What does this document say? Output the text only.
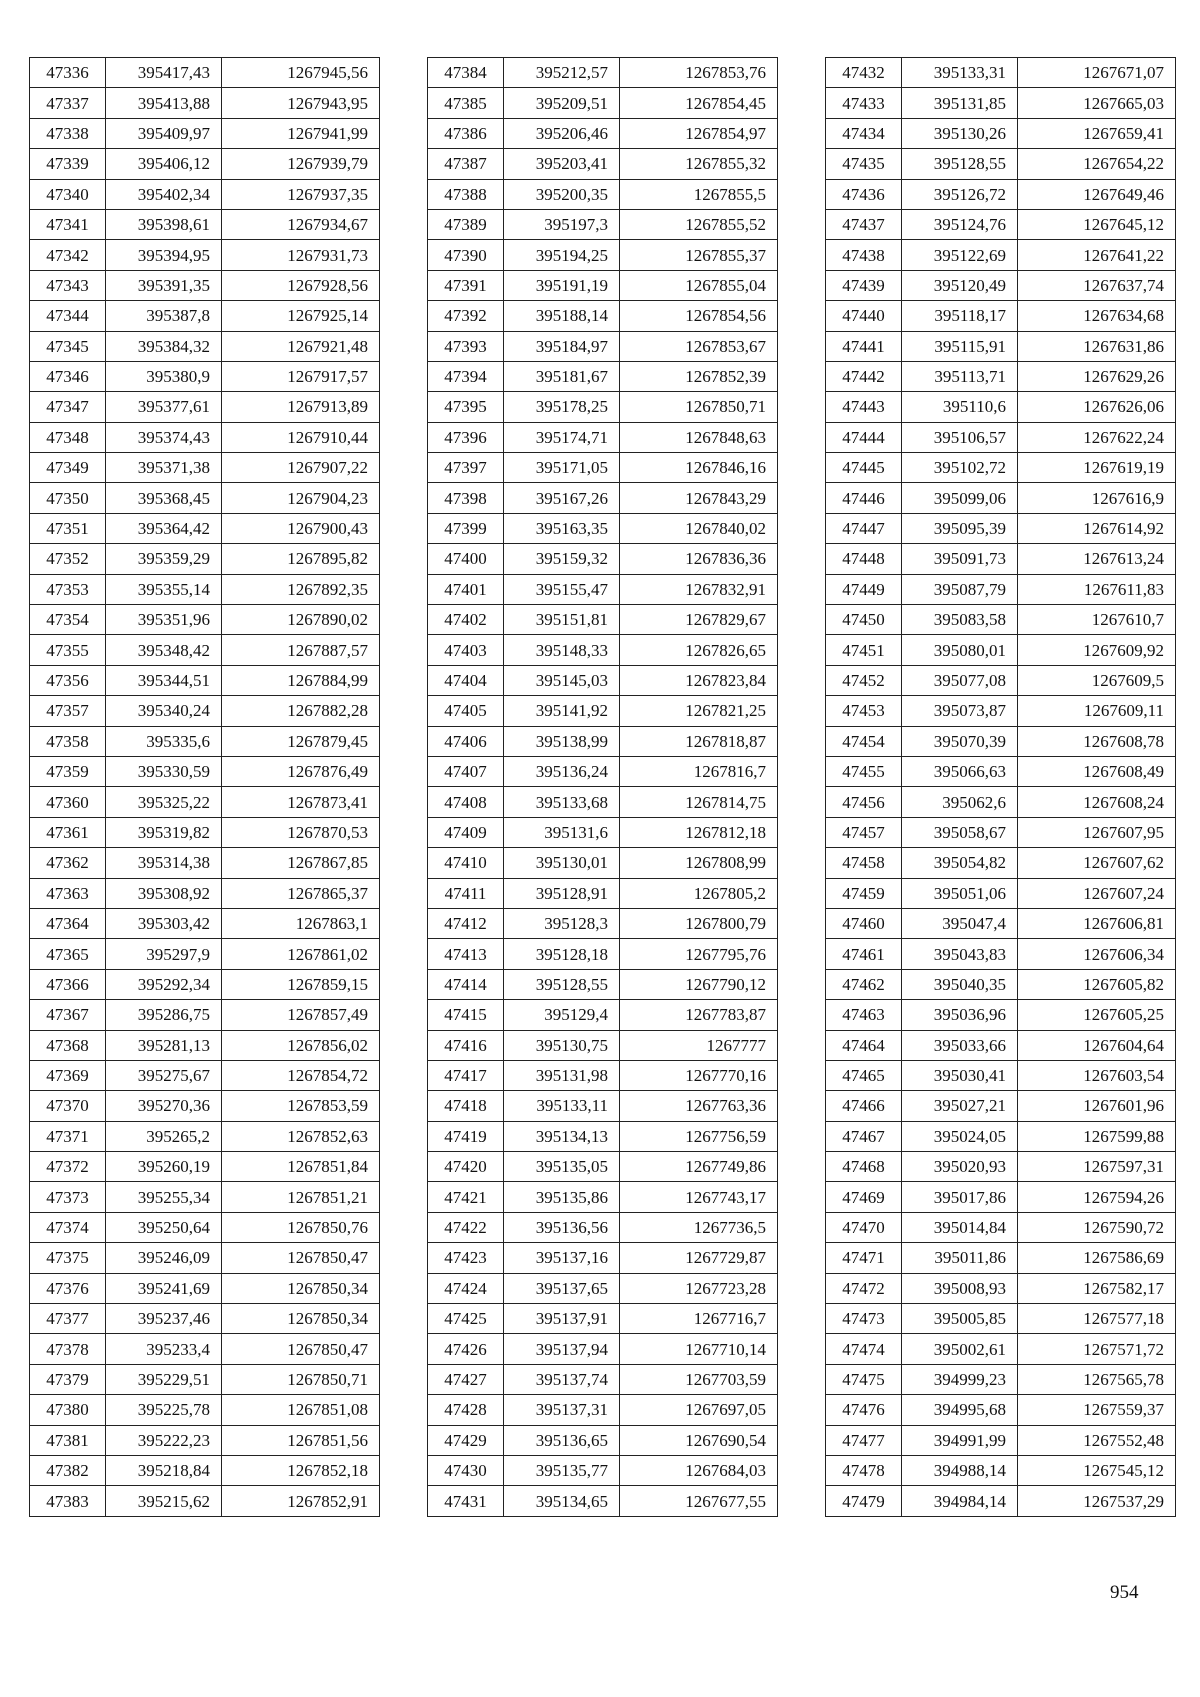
47336	395417,43	1267945,56
47337	395413,88	1267943,95
47338	395409,97	1267941,99
47339	395406,12	1267939,79
47340	395402,34	1267937,35
47341	395398,61	1267934,67
47342	395394,95	1267931,73
47343	395391,35	1267928,56
47344	395387,8	1267925,14
47345	395384,32	1267921,48
47346	395380,9	1267917,57
47347	395377,61	1267913,89
47348	395374,43	1267910,44
47349	395371,38	1267907,22
47350	395368,45	1267904,23
47351	395364,42	1267900,43
47352	395359,29	1267895,82
47353	395355,14	1267892,35
47354	395351,96	1267890,02
47355	395348,42	1267887,57
47356	395344,51	1267884,99
47357	395340,24	1267882,28
47358	395335,6	1267879,45
47359	395330,59	1267876,49
47360	395325,22	1267873,41
47361	395319,82	1267870,53
47362	395314,38	1267867,85
47363	395308,92	1267865,37
47364	395303,42	1267863,1
47365	395297,9	1267861,02
47366	395292,34	1267859,15
47367	395286,75	1267857,49
47368	395281,13	1267856,02
47369	395275,67	1267854,72
47370	395270,36	1267853,59
47371	395265,2	1267852,63
47372	395260,19	1267851,84
47373	395255,34	1267851,21
47374	395250,64	1267850,76
47375	395246,09	1267850,47
47376	395241,69	1267850,34
47377	395237,46	1267850,34
47378	395233,4	1267850,47
47379	395229,51	1267850,71
47380	395225,78	1267851,08
47381	395222,23	1267851,56
47382	395218,84	1267852,18
47383	395215,62	1267852,91
47384	395212,57	1267853,76
47385	395209,51	1267854,45
47386	395206,46	1267854,97
47387	395203,41	1267855,32
47388	395200,35	1267855,5
47389	395197,3	1267855,52
47390	395194,25	1267855,37
47391	395191,19	1267855,04
47392	395188,14	1267854,56
47393	395184,97	1267853,67
47394	395181,67	1267852,39
47395	395178,25	1267850,71
47396	395174,71	1267848,63
47397	395171,05	1267846,16
47398	395167,26	1267843,29
47399	395163,35	1267840,02
47400	395159,32	1267836,36
47401	395155,47	1267832,91
47402	395151,81	1267829,67
47403	395148,33	1267826,65
47404	395145,03	1267823,84
47405	395141,92	1267821,25
47406	395138,99	1267818,87
47407	395136,24	1267816,7
47408	395133,68	1267814,75
47409	395131,6	1267812,18
47410	395130,01	1267808,99
47411	395128,91	1267805,2
47412	395128,3	1267800,79
47413	395128,18	1267795,76
47414	395128,55	1267790,12
47415	395129,4	1267783,87
47416	395130,75	1267777
47417	395131,98	1267770,16
47418	395133,11	1267763,36
47419	395134,13	1267756,59
47420	395135,05	1267749,86
47421	395135,86	1267743,17
47422	395136,56	1267736,5
47423	395137,16	1267729,87
47424	395137,65	1267723,28
47425	395137,91	1267716,7
47426	395137,94	1267710,14
47427	395137,74	1267703,59
47428	395137,31	1267697,05
47429	395136,65	1267690,54
47430	395135,77	1267684,03
47431	395134,65	1267677,55
47432	395133,31	1267671,07
47433	395131,85	1267665,03
47434	395130,26	1267659,41
47435	395128,55	1267654,22
47436	395126,72	1267649,46
47437	395124,76	1267645,12
47438	395122,69	1267641,22
47439	395120,49	1267637,74
47440	395118,17	1267634,68
47441	395115,91	1267631,86
47442	395113,71	1267629,26
47443	395110,6	1267626,06
47444	395106,57	1267622,24
47445	395102,72	1267619,19
47446	395099,06	1267616,9
47447	395095,39	1267614,92
47448	395091,73	1267613,24
47449	395087,79	1267611,83
47450	395083,58	1267610,7
47451	395080,01	1267609,92
47452	395077,08	1267609,5
47453	395073,87	1267609,11
47454	395070,39	1267608,78
47455	395066,63	1267608,49
47456	395062,6	1267608,24
47457	395058,67	1267607,95
47458	395054,82	1267607,62
47459	395051,06	1267607,24
47460	395047,4	1267606,81
47461	395043,83	1267606,34
47462	395040,35	1267605,82
47463	395036,96	1267605,25
47464	395033,66	1267604,64
47465	395030,41	1267603,54
47466	395027,21	1267601,96
47467	395024,05	1267599,88
47468	395020,93	1267597,31
47469	395017,86	1267594,26
47470	395014,84	1267590,72
47471	395011,86	1267586,69
47472	395008,93	1267582,17
47473	395005,85	1267577,18
47474	395002,61	1267571,72
47475	394999,23	1267565,78
47476	394995,68	1267559,37
47477	394991,99	1267552,48
47478	394988,14	1267545,12
47479	394984,14	1267537,29
954
